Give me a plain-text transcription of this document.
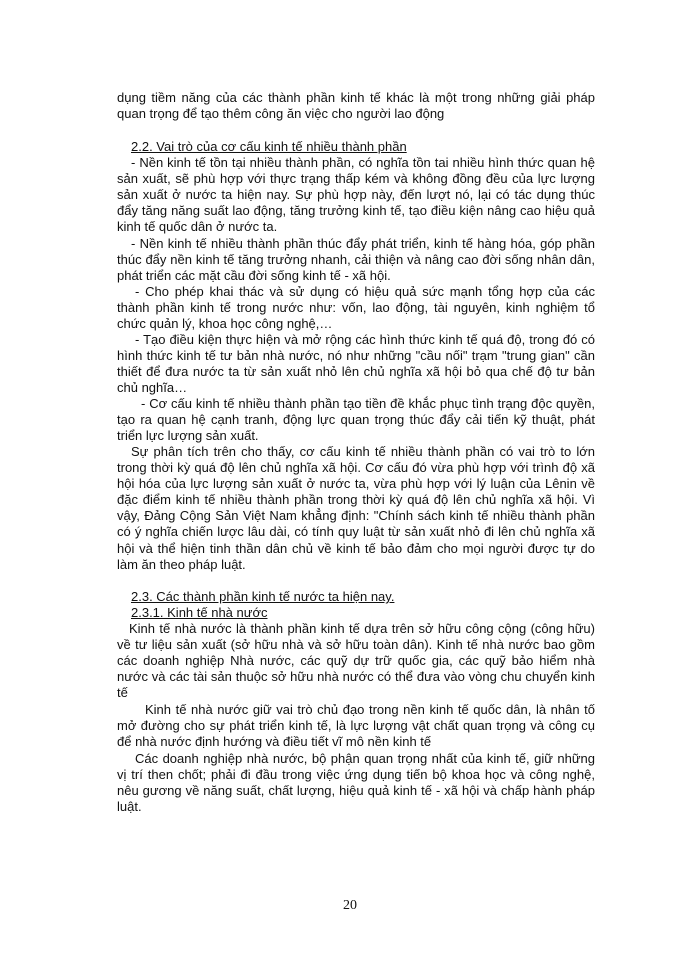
dụng tiềm năng của các thành phần kinh tế khác là một trong những giải pháp quan trọng để tạo thêm công ăn việc cho người lao động

2.2. Vai trò của cơ cấu kinh tế nhiều thành phần

- Nền kinh tế tồn tại nhiều thành phần, có nghĩa tồn tai nhiều hình thức quan hệ sản xuất, sẽ phù hợp với thực trạng thấp kém và không đồng đều của lực lượng sản xuất ở nước ta hiện nay. Sự phù hợp này, đến lượt nó, lại có tác dụng thúc đẩy tăng năng suất lao động, tăng trưởng kinh tế, tạo điều kiện nâng cao hiệu quả kinh tế quốc dân ở nước ta.

- Nền kinh tế nhiều thành phần thúc đẩy phát triển, kinh tế hàng hóa, góp phần thúc đẩy nền kinh tế tăng trưởng nhanh, cải thiện và nâng cao đời sống nhân dân, phát triển các mặt cầu đời sống kinh tế - xã hội.

- Cho phép khai thác và sử dụng có hiệu quả sức mạnh tổng hợp của các thành phần kinh tế trong nước như: vốn, lao động, tài nguyên, kinh nghiệm tổ chức quản lý, khoa học công nghệ,…

- Tạo điều kiện thực hiện và mở rộng các hình thức kinh tế quá độ, trong đó có hình thức kinh tế tư bản nhà nước, nó như những "cầu nối" trạm "trung gian" cần thiết để đưa nước ta từ sản xuất nhỏ lên chủ nghĩa xã hội bỏ qua chế độ tư bản chủ nghĩa…

- Cơ cấu kinh tế nhiều thành phần tạo tiền đề khắc phục tình trạng độc quyền, tạo ra quan hệ cạnh tranh, động lực quan trọng thúc đẩy cải tiến kỹ thuật, phát triển lực lượng sản xuất.

Sự phân tích trên cho thấy, cơ cấu kinh tế nhiều thành phần có vai trò to lớn trong thời kỳ quá độ lên chủ nghĩa xã hội. Cơ cấu đó vừa phù hợp với trình độ xã hội hóa của lực lượng sản xuất ở nước ta, vừa phù hợp với lý luận của Lênin về đặc điểm kinh tế nhiều thành phần trong thời kỳ quá độ lên chủ nghĩa xã hội. Vì vậy, Đảng Cộng Sản Việt Nam khẳng định: "Chính sách kinh tế nhiều thành phần có ý nghĩa chiến lược lâu dài, có tính quy luật từ sản xuất nhỏ đi lên chủ nghĩa xã hội và thể hiện tinh thần dân chủ về kinh tế bảo đảm cho mọi người được tự do làm ăn theo pháp luật.

2.3. Các thành phần kinh tế nước ta hiện nay.

2.3.1. Kinh tế nhà nước

Kinh tế nhà nước là thành phần kinh tế dựa trên sở hữu công cộng (công hữu) về tư liệu sản xuất (sở hữu nhà và sở hữu toàn dân). Kinh tế nhà nước bao gồm các doanh nghiệp Nhà nước, các quỹ dự trữ quốc gia, các quỹ bảo hiểm nhà nước và các tài sản thuộc sở hữu nhà nước có thể đưa vào vòng chu chuyển kinh tế

Kinh tế nhà nước giữ vai trò chủ đạo trong nền kinh tế quốc dân, là nhân tố mở đường cho sự phát triển kinh tế, là lực lượng vật chất quan trọng và công cụ để nhà nước định hướng và điều tiết vĩ mô nền kinh tế

Các doanh nghiệp nhà nước, bộ phận quan trọng nhất của kinh tế, giữ những vị trí then chốt; phải đi đầu trong việc ứng dụng tiến bộ khoa học và công nghệ, nêu gương về năng suất, chất lượng, hiệu quả kinh tế - xã hội và chấp hành pháp luật.

20
